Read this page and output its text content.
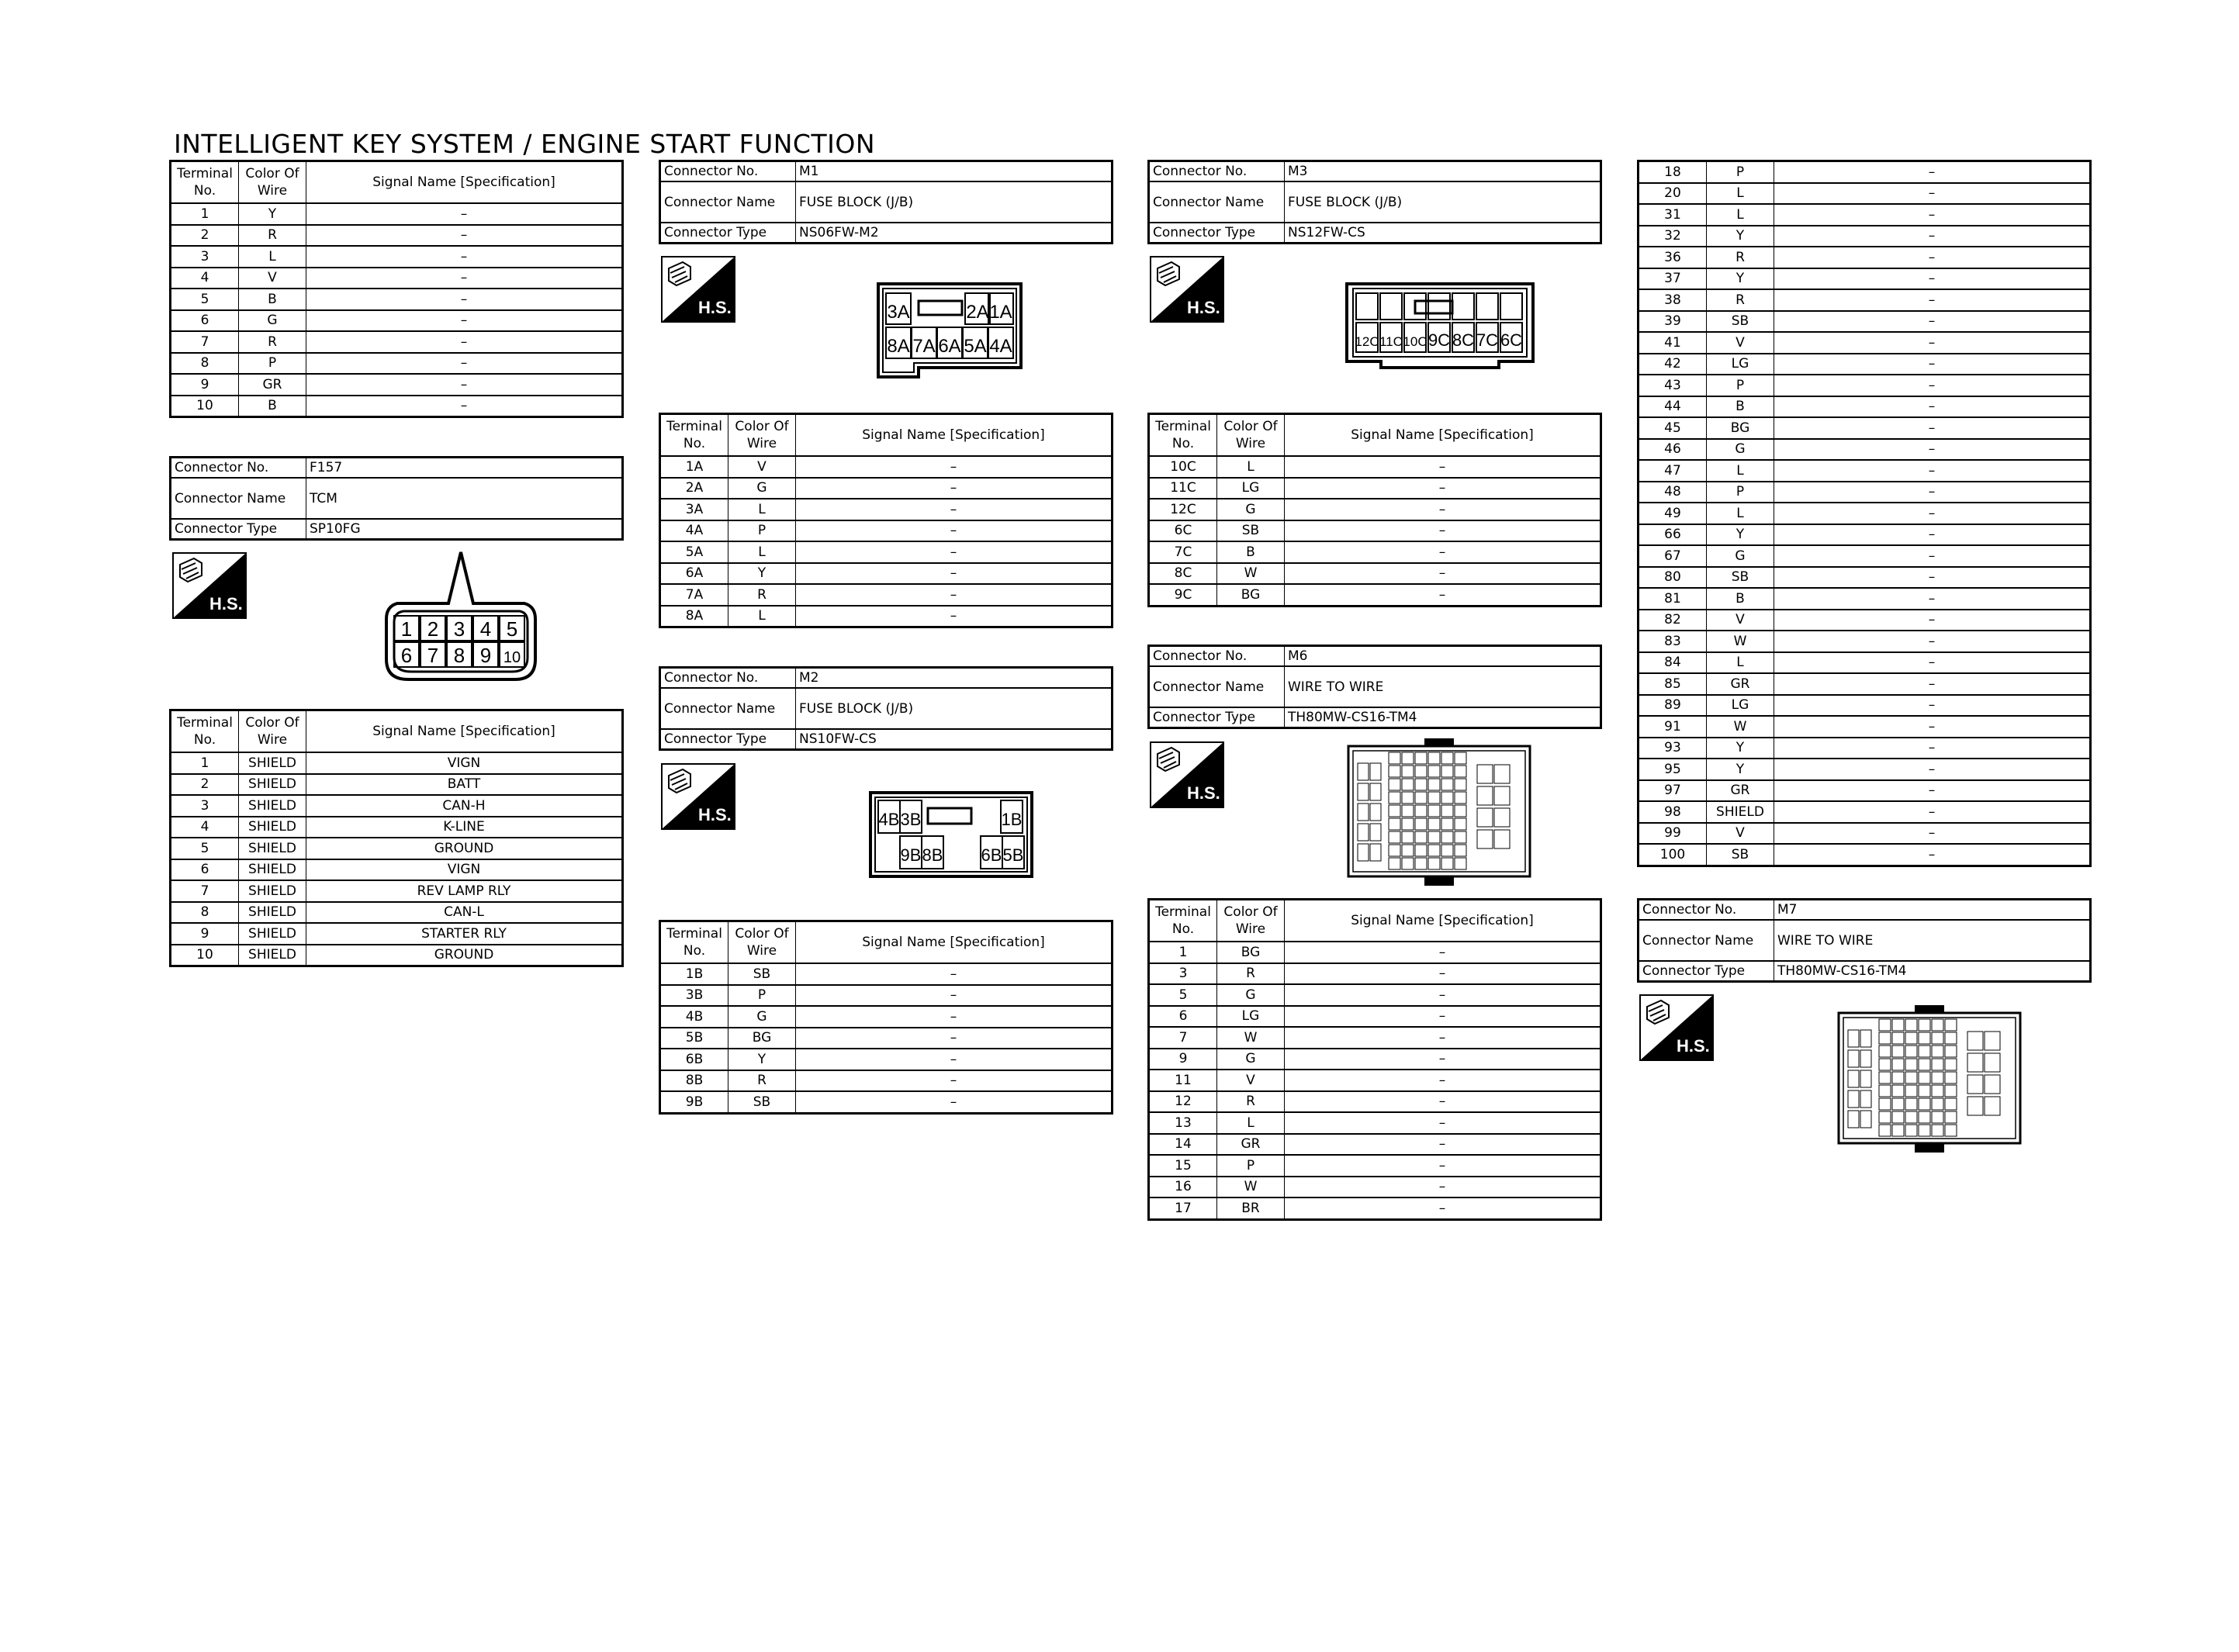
INTELLIGENT KEY SYSTEM / ENGINE START FUNCTION
Terminal No.	Color Of Wire	Signal Name [Specification]
1	Y	–
2	R	–
3	L	–
4	V	–
5	B	–
6	G	–
7	R	–
8	P	–
9	GR	–
10	B	–
Connector No.	F157
Connector Name	TCM
Connector Type	SP10FG
H.S.
1 2 3 4 5
6 7 8 9 10
Terminal No.	Color Of Wire	Signal Name [Specification]
1	SHIELD	VIGN
2	SHIELD	BATT
3	SHIELD	CAN-H
4	SHIELD	K-LINE
5	SHIELD	GROUND
6	SHIELD	VIGN
7	SHIELD	REV LAMP RLY
8	SHIELD	CAN-L
9	SHIELD	STARTER RLY
10	SHIELD	GROUND
Connector No.	M1
Connector Name	FUSE BLOCK (J/B)
Connector Type	NS06FW-M2
H.S.	3A	2A 1A
8A 7A 6A 5A 4A
Terminal No.	Color Of Wire	Signal Name [Specification]
1A	V	–
2A	G	–
3A	L	–
4A	P	–
5A	L	–
6A	Y	–
7A	R	–
8A	L	–
Connector No.	M2
Connector Name	FUSE BLOCK (J/B)
Connector Type	NS10FW-CS
H.S.	4B 3B	1B
9B 8B 6B 5B
Terminal No.	Color Of Wire	Signal Name [Specification]
1B	SB	–
3B	P	–
4B	G	–
5B	BG	–
6B	Y	–
8B	R	–
9B	SB	–
Connector No.	M3
Connector Name	FUSE BLOCK (J/B)
Connector Type	NS12FW-CS
H.S.
12C 11C 10C 9C 8C 7C 6C
Terminal No.	Color Of Wire	Signal Name [Specification]
10C	L	–
11C	LG	–
12C	G	–
6C	SB	–
7C	B	–
8C	W	–
9C	BG	–
Connector No.	M6
Connector Name	WIRE TO WIRE
Connector Type	TH80MW-CS16-TM4
H.S.
Terminal No.	Color Of Wire	Signal Name [Specification]
1	BG	–
3	R	–
5	G	–
6	LG	–
7	W	–
9	G	–
11	V	–
12	R	–
13	L	–
14	GR	–
15	P	–
16	W	–
17	BR	–
18	P	–
20	L	–
31	L	–
32	Y	–
36	R	–
37	Y	–
38	R	–
39	SB	–
41	V	–
42	LG	–
43	P	–
44	B	–
45	BG	–
46	G	–
47	L	–
48	P	–
49	L	–
66	Y	–
67	G	–
80	SB	–
81	B	–
82	V	–
83	W	–
84	L	–
85	GR	–
89	LG	–
91	W	–
93	Y	–
95	Y	–
97	GR	–
98	SHIELD	–
99	V	–
100	SB	–
Connector No.	M7
Connector Name	WIRE TO WIRE
Connector Type	TH80MW-CS16-TM4
H.S.
